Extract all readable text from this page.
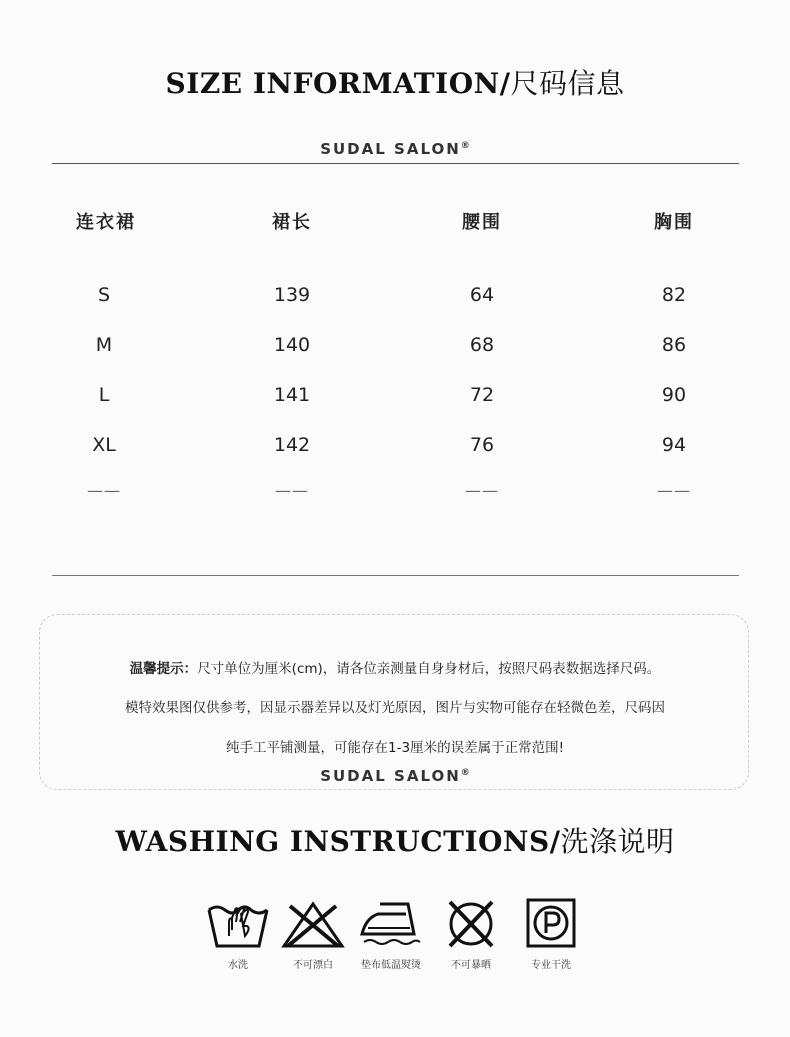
SIZE INFORMATION/尺码信息
SUDAL SALON®
连衣裙	裙长	腰围	胸围
S	139	64	82
M	140	68	86
L	141	72	90
XL	142	76	94
——	——	——	——
温馨提示：尺寸单位为厘米(cm)，请各位亲测量自身身材后，按照尺码表数据选择尺码。
模特效果图仅供参考，因显示器差异以及灯光原因，图片与实物可能存在轻微色差，尺码因
纯手工平铺测量，可能存在1-3厘米的误差属于正常范围!
SUDAL SALON®
WASHING INSTRUCTIONS/洗涤说明
水洗	不可漂白	垫布低温熨烫	不可暴晒	专业干洗
